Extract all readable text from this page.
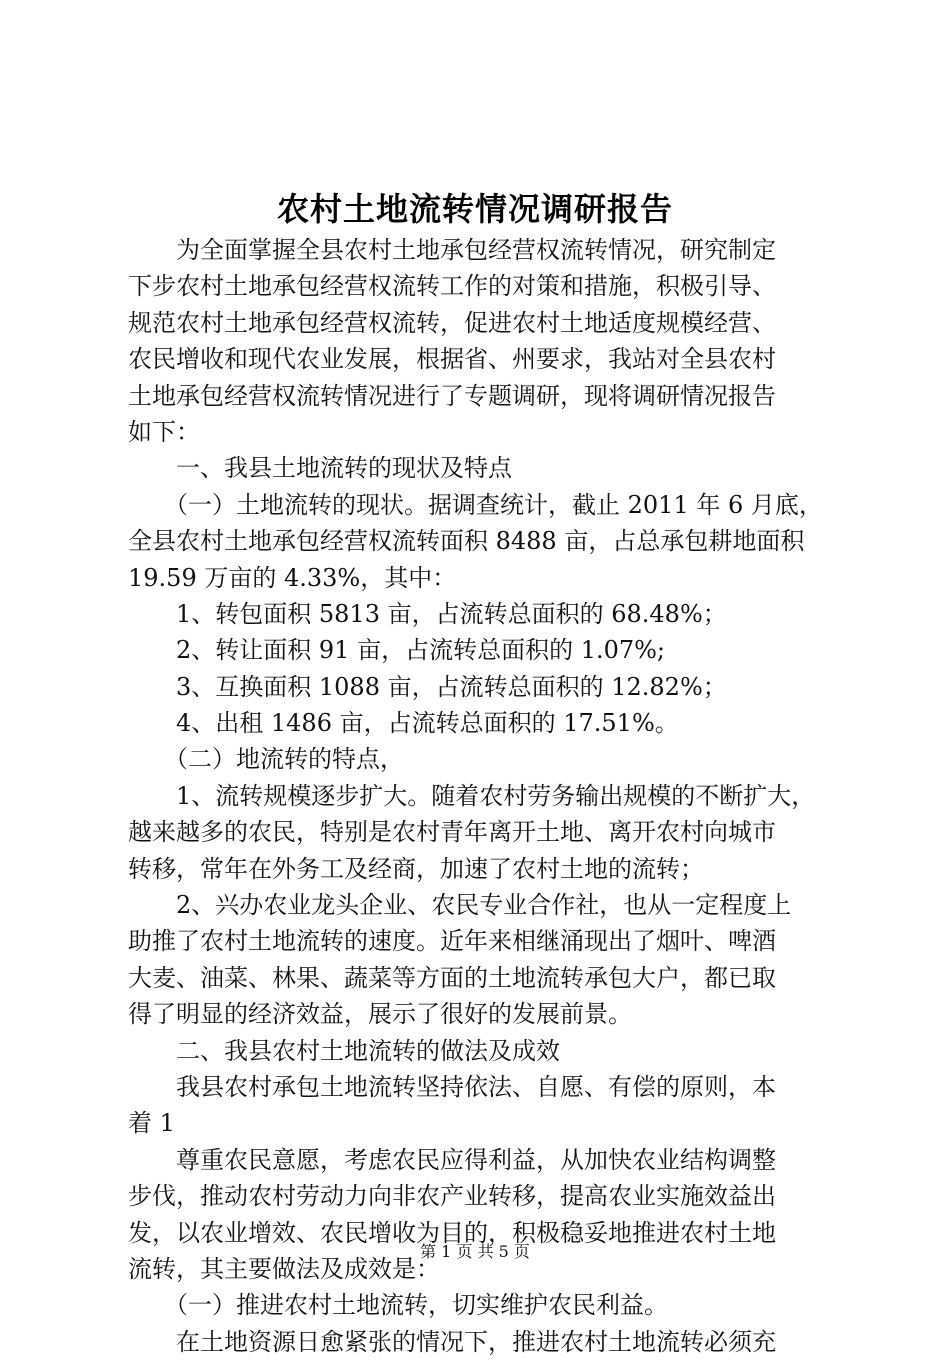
农村土地流转情况调研报告
　　为全面掌握全县农村土地承包经营权流转情况，研究制定
下步农村土地承包经营权流转工作的对策和措施，积极引导、
规范农村土地承包经营权流转，促进农村土地适度规模经营、
农民增收和现代农业发展，根据省、州要求，我站对全县农村
土地承包经营权流转情况进行了专题调研，现将调研情况报告
如下：
　　一、我县土地流转的现状及特点
　　（一）土地流转的现状。据调查统计，截止 2011 年 6 月底，
全县农村土地承包经营权流转面积 8488 亩，占总承包耕地面积
19.59 万亩的 4.33%，其中：
　　1、转包面积 5813 亩，占流转总面积的 68.48%；
　　2、转让面积 91 亩，占流转总面积的 1.07%;
　　3、互换面积 1088 亩，占流转总面积的 12.82%；
　　4、出租 1486 亩，占流转总面积的 17.51%。
　　（二）地流转的特点，
　　1、流转规模逐步扩大。随着农村劳务输出规模的不断扩大，
越来越多的农民，特别是农村青年离开土地、离开农村向城市
转移，常年在外务工及经商，加速了农村土地的流转；
　　2、兴办农业龙头企业、农民专业合作社，也从一定程度上
助推了农村土地流转的速度。近年来相继涌现出了烟叶、啤酒
大麦、油菜、林果、蔬菜等方面的土地流转承包大户，都已取
得了明显的经济效益，展示了很好的发展前景。
　　二、我县农村土地流转的做法及成效
　　我县农村承包土地流转坚持依法、自愿、有偿的原则，本
着 1
　　尊重农民意愿，考虑农民应得利益，从加快农业结构调整
步伐，推动农村劳动力向非农产业转移，提高农业实施效益出
发，以农业增效、农民增收为目的，积极稳妥地推进农村土地
流转，其主要做法及成效是：
　　（一）推进农村土地流转，切实维护农民利益。
　　在土地资源日愈紧张的情况下，推进农村土地流转必须充
第 1 页 共 5 页
